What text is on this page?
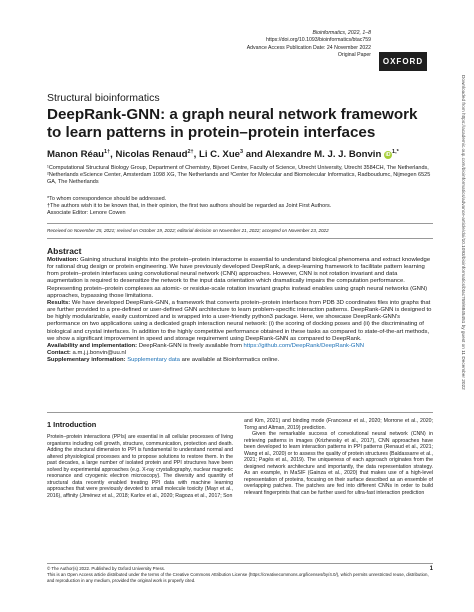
Bioinformatics, 2022, 1–8
https://doi.org/10.1093/bioinformatics/btac759
Advance Access Publication Date: 24 November 2022
Original Paper
OXFORD
Structural bioinformatics
DeepRank-GNN: a graph neural network framework to learn patterns in protein–protein interfaces
Manon Réau$^{1\dagger}$, Nicolas Renaud$^{2\dagger}$, Li C. Xue$^3$ and Alexandre M. J. J. Bonvin iD $^{1,*}$
¹Computational Structural Biology Group, Department of Chemistry, Bijvoet Centre, Faculty of Science, Utrecht University, Utrecht 3584CH, The Netherlands, ²Netherlands eScience Center, Amsterdam 1098 XG, The Netherlands and ³Center for Molecular and Biomolecular Informatics, Radboudumc, Nijmegen 6525 GA, The Netherlands
*To whom correspondence should be addressed.
†The authors wish it to be known that, in their opinion, the first two authors should be regarded as Joint First Authors.
Associate Editor: Lenore Cowen
Received on November 25, 2021; revised on October 19, 2022; editorial decision on November 21, 2022; accepted on November 23, 2022
Abstract

Motivation: Gaining structural insights into the protein–protein interactome is essential to understand biological phenomena and extract knowledge for rational drug design or protein engineering. We have previously developed DeepRank, a deep-learning framework to facilitate pattern learning from protein–protein interfaces using convolutional neural network (CNN) approaches. However, CNN is not rotation invariant and data augmentation is required to desensitize the network to the input data orientation which dramatically impairs the computation performance. Representing protein–protein complexes as atomic- or residue-scale rotation invariant graphs instead enables using graph neural networks (GNN) approaches, bypassing those limitations.

Results: We have developed DeepRank-GNN, a framework that converts protein–protein interfaces from PDB 3D coordinates files into graphs that are further provided to a pre-defined or user-defined GNN architecture to learn problem-specific interaction patterns. DeepRank-GNN is designed to be highly modularizable, easily customized and is wrapped into a user-friendly python3 package. Here, we showcase DeepRank-GNN's performance on two applications using a dedicated graph interaction neural network: (i) the scoring of docking poses and (ii) the discriminating of biological and crystal interfaces. In addition to the highly competitive performance obtained in these tasks as compared to state-of-the-art methods, we show a significant improvement in speed and storage requirement using DeepRank-GNN as compared to DeepRank.

Availability and implementation: DeepRank-GNN is freely available from https://github.com/DeepRank/DeepRank-GNN

Contact: a.m.j.j.bonvin@uu.nl

Supplementary information: Supplementary data are available at Bioinformatics online.

1 Introduction

Protein–protein interactions (PPIs) are essential in all cellular processes of living organisms including cell growth, structure, communication, protection and death. Adding the structural dimension to PPI is fundamental to understand normal and altered physiological processes and to propose solutions to restore them. In the past decades, a large number of isolated protein and PPI structures have been solved by experimental approaches (e.g. X-ray crystallography, nuclear magnetic resonance and cryogenic electron microscopy). The diversity and quantity of structural data recently enabled treating PPI data with machine learning approaches that were previously devoted to small molecule toxicity (Mayr et al., 2016), affinity (Jiménez et al., 2018; Karlov et al., 2020; Ragoza et al., 2017; Son

and Kim, 2021) and binding mode (Francoeur et al., 2020; Morrone et al., 2020; Torng and Altman, 2019) prediction.

Given the remarkable success of convolutional neural network (CNN) in retrieving patterns in images (Krizhevsky et al., 2017), CNN approaches have been developed to learn interaction patterns in PPI patterns (Renaud et al., 2021; Wang et al., 2020) or to assess the quality of protein structures (Baldassarre et al., 2021; Pagès et al., 2019). The uniqueness of each approach originates from the designed network architecture and importantly, the data representation strategy. As an example, in MaSIF (Gainza et al., 2020) that makes use of a high-level representation of proteins, focusing on their surface described as an ensemble of overlapping patches. The patches are fed into different CNNs in order to build relevant fingerprints that can be further used for ultra-fast interaction prediction

© The Author(s) 2022. Published by Oxford University Press.
This is an Open Access article distributed under the terms of the Creative Commons Attribution License (https://creativecommons.org/licenses/by/4.0/), which permits unrestricted reuse, distribution, and reproduction in any medium, provided the original work is properly cited.
1
Downloaded from https://academic.oup.com/bioinformatics/advance-article/doi/10.1093/bioinformatics/btac759/6845451 by guest on 11 December 2022
